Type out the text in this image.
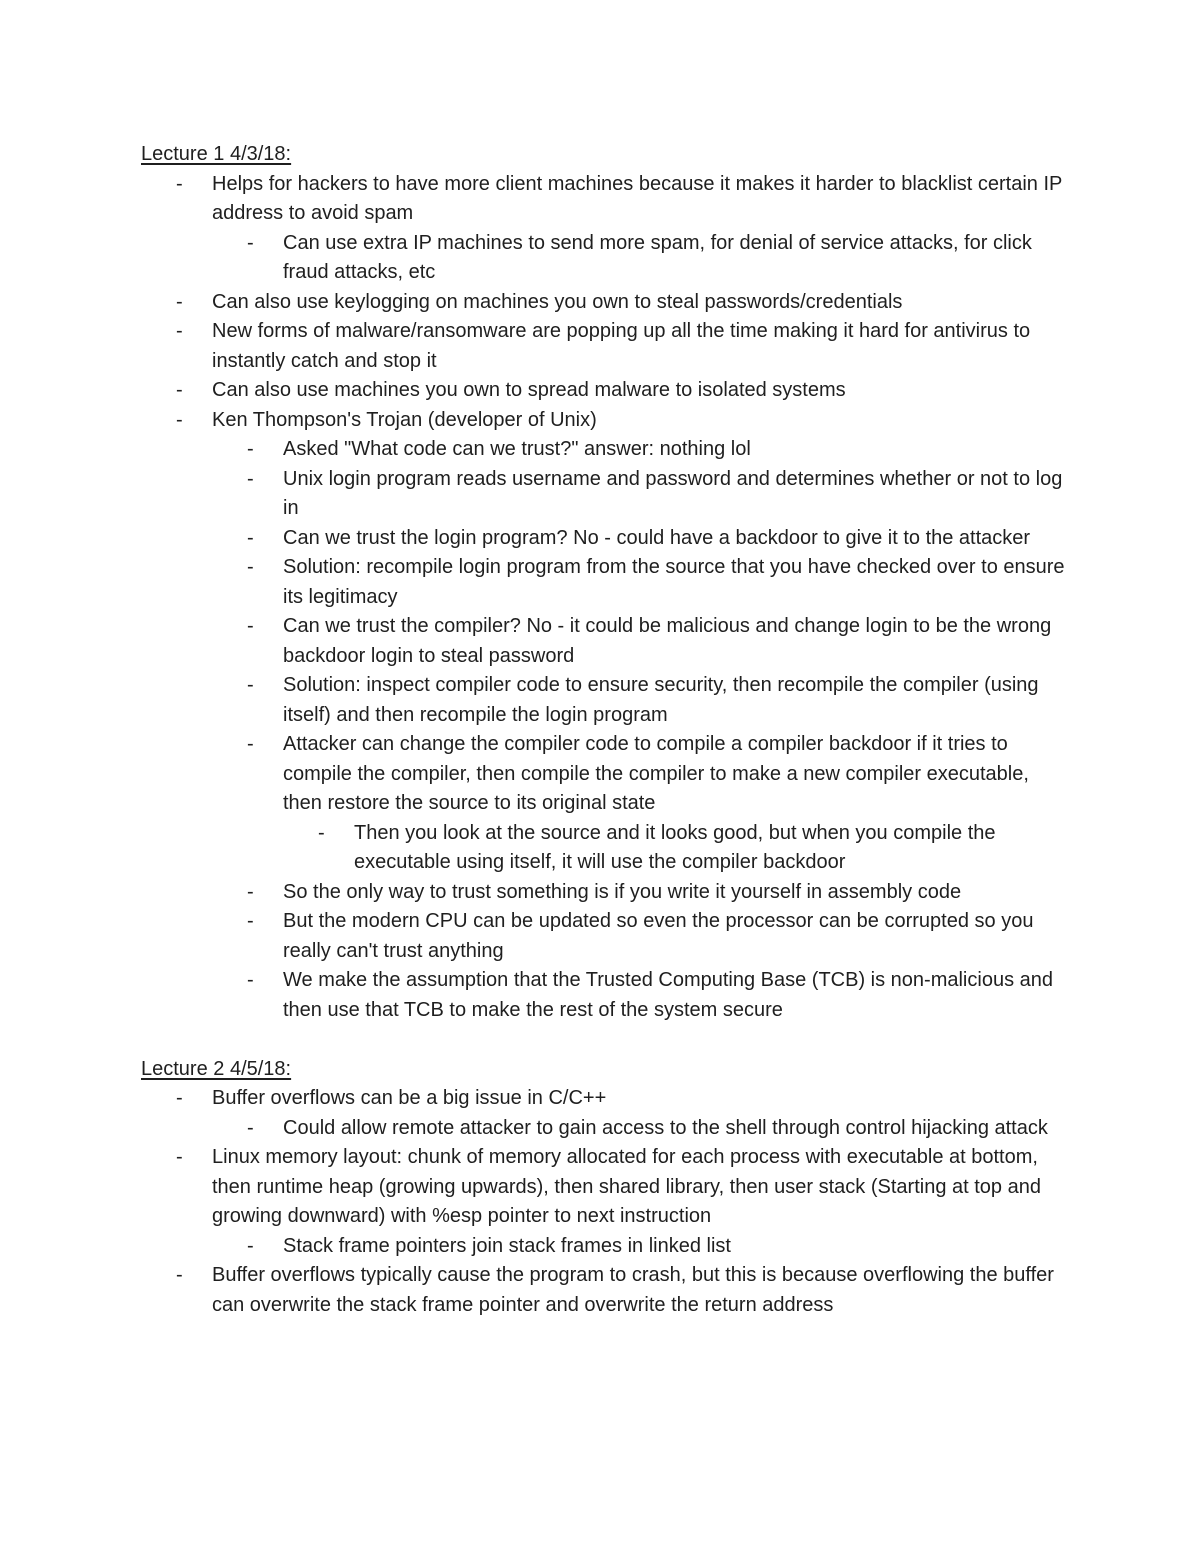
Lecture 1 4/3/18:
- Helps for hackers to have more client machines because it makes it harder to blacklist certain IP address to avoid spam
- Can use extra IP machines to send more spam, for denial of service attacks, for click fraud attacks, etc
- Can also use keylogging on machines you own to steal passwords/credentials
- New forms of malware/ransomware are popping up all the time making it hard for antivirus to instantly catch and stop it
- Can also use machines you own to spread malware to isolated systems
- Ken Thompson's Trojan (developer of Unix)
- Asked "What code can we trust?" answer: nothing lol
- Unix login program reads username and password and determines whether or not to log in
- Can we trust the login program? No - could have a backdoor to give it to the attacker
- Solution: recompile login program from the source that you have checked over to ensure its legitimacy
- Can we trust the compiler? No - it could be malicious and change login to be the wrong backdoor login to steal password
- Solution: inspect compiler code to ensure security, then recompile the compiler (using itself) and then recompile the login program
- Attacker can change the compiler code to compile a compiler backdoor if it tries to compile the compiler, then compile the compiler to make a new compiler executable, then restore the source to its original state
- Then you look at the source and it looks good, but when you compile the executable using itself, it will use the compiler backdoor
- So the only way to trust something is if you write it yourself in assembly code
- But the modern CPU can be updated so even the processor can be corrupted so you really can't trust anything
- We make the assumption that the Trusted Computing Base (TCB) is non-malicious and then use that TCB to make the rest of the system secure
Lecture 2 4/5/18:
- Buffer overflows can be a big issue in C/C++
- Could allow remote attacker to gain access to the shell through control hijacking attack
- Linux memory layout: chunk of memory allocated for each process with executable at bottom, then runtime heap (growing upwards), then shared library, then user stack (Starting at top and growing downward) with %esp pointer to next instruction
- Stack frame pointers join stack frames in linked list
- Buffer overflows typically cause the program to crash, but this is because overflowing the buffer can overwrite the stack frame pointer and overwrite the return address
